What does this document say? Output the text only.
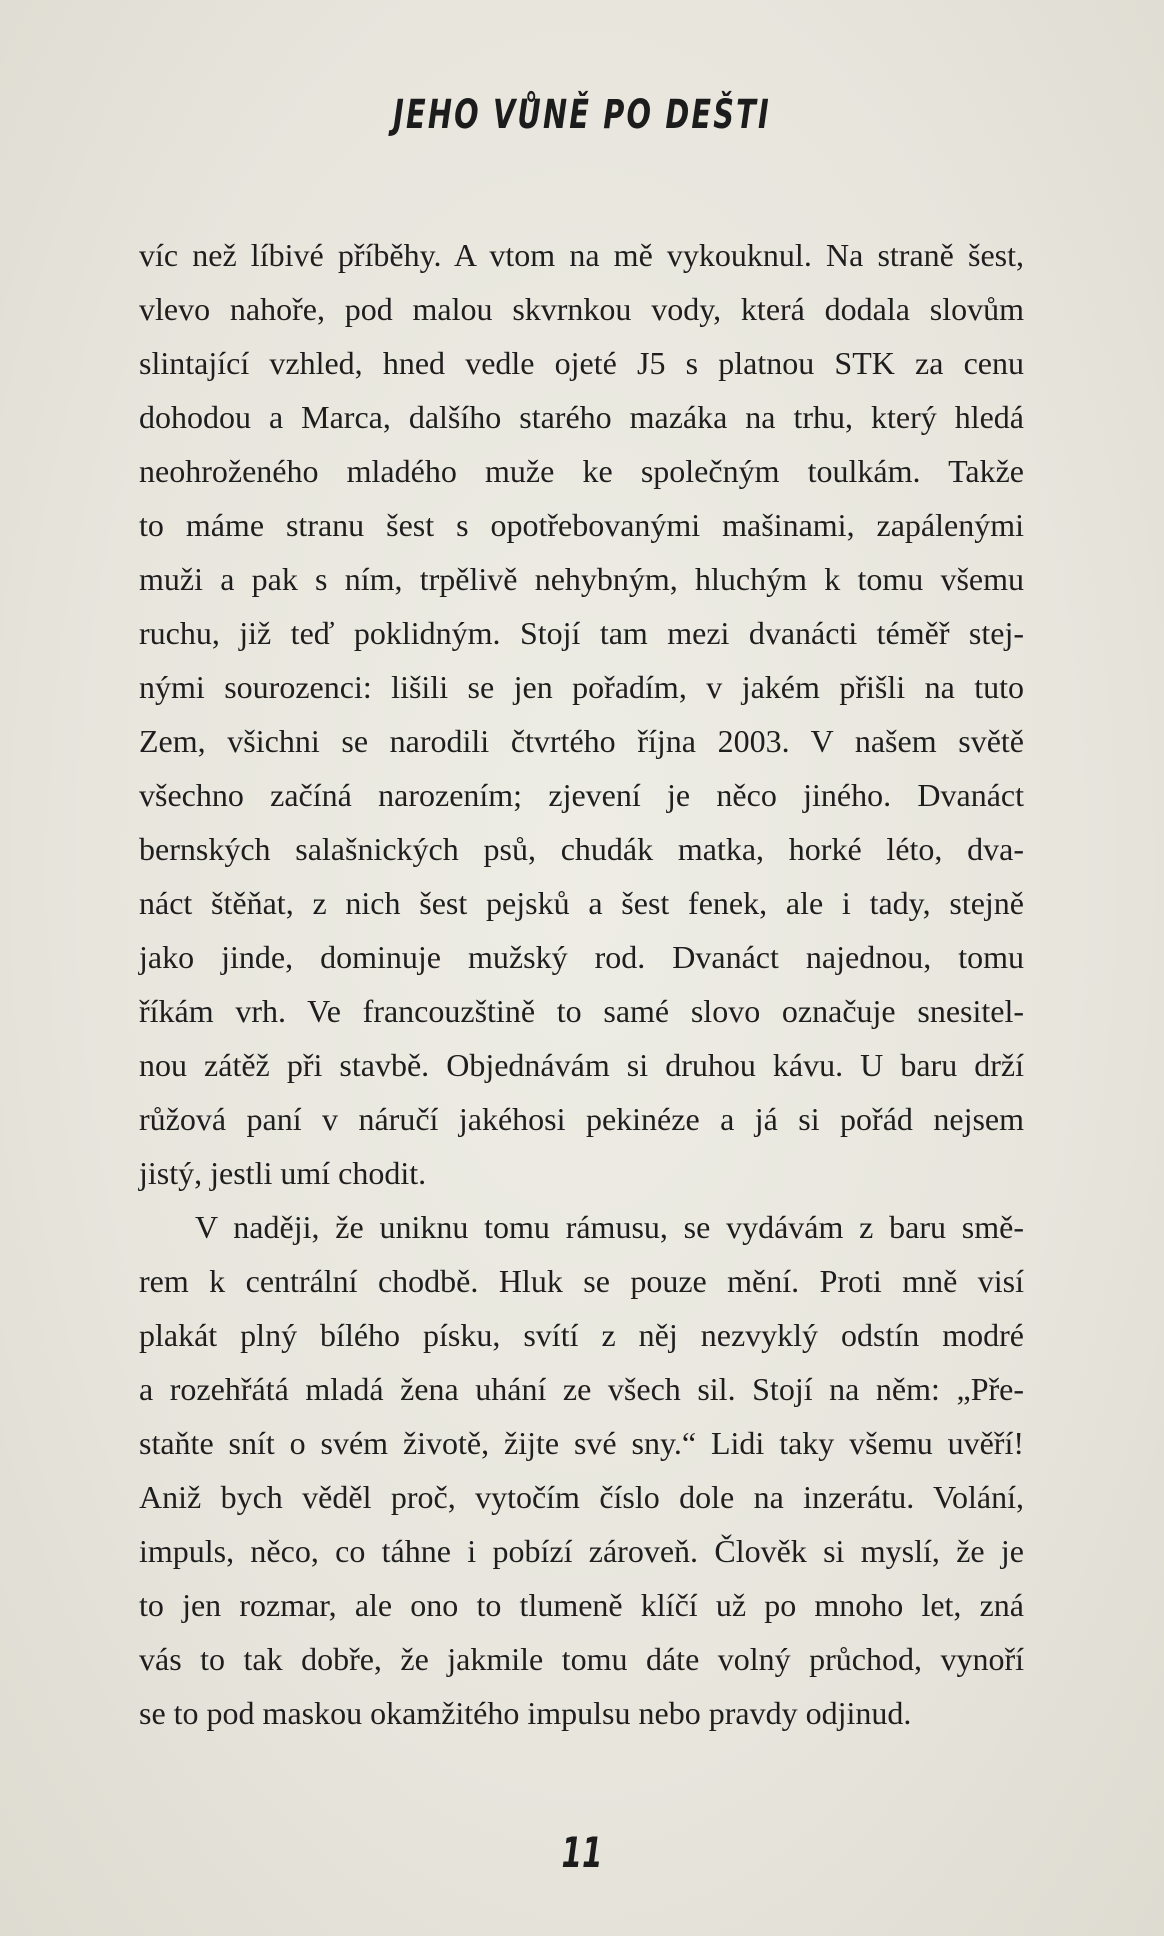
JEHO VŮNĚ PO DEŠTI
víc než líbivé příběhy. A vtom na mě vykouknul. Na straně šest,
vlevo nahoře, pod malou skvrnkou vody, která dodala slovům
slintající vzhled, hned vedle ojeté J5 s platnou STK za cenu
dohodou a Marca, dalšího starého mazáka na trhu, který hledá
neohroženého mladého muže ke společným toulkám. Takže
to máme stranu šest s opotřebovanými mašinami, zapálenými
muži a pak s ním, trpělivě nehybným, hluchým k tomu všemu
ruchu, již teď poklidným. Stojí tam mezi dvanácti téměř stej-
nými sourozenci: lišili se jen pořadím, v jakém přišli na tuto
Zem, všichni se narodili čtvrtého října 2003. V našem světě
všechno začíná narozením; zjevení je něco jiného. Dvanáct
bernských salašnických psů, chudák matka, horké léto, dva-
náct štěňat, z nich šest pejsků a šest fenek, ale i tady, stejně
jako jinde, dominuje mužský rod. Dvanáct najednou, tomu
říkám vrh. Ve francouzštině to samé slovo označuje snesitel-
nou zátěž při stavbě. Objednávám si druhou kávu. U baru drží
růžová paní v náručí jakéhosi pekinéze a já si pořád nejsem
jistý, jestli umí chodit.
V naději, že uniknu tomu rámusu, se vydávám z baru smě-
rem k centrální chodbě. Hluk se pouze mění. Proti mně visí
plakát plný bílého písku, svítí z něj nezvyklý odstín modré
a rozehřátá mladá žena uhání ze všech sil. Stojí na něm: „Pře-
staňte snít o svém životě, žijte své sny.“ Lidi taky všemu uvěří!
Aniž bych věděl proč, vytočím číslo dole na inzerátu. Volání,
impuls, něco, co táhne i pobízí zároveň. Člověk si myslí, že je
to jen rozmar, ale ono to tlumeně klíčí už po mnoho let, zná
vás to tak dobře, že jakmile tomu dáte volný průchod, vynoří
se to pod maskou okamžitého impulsu nebo pravdy odjinud.
11
